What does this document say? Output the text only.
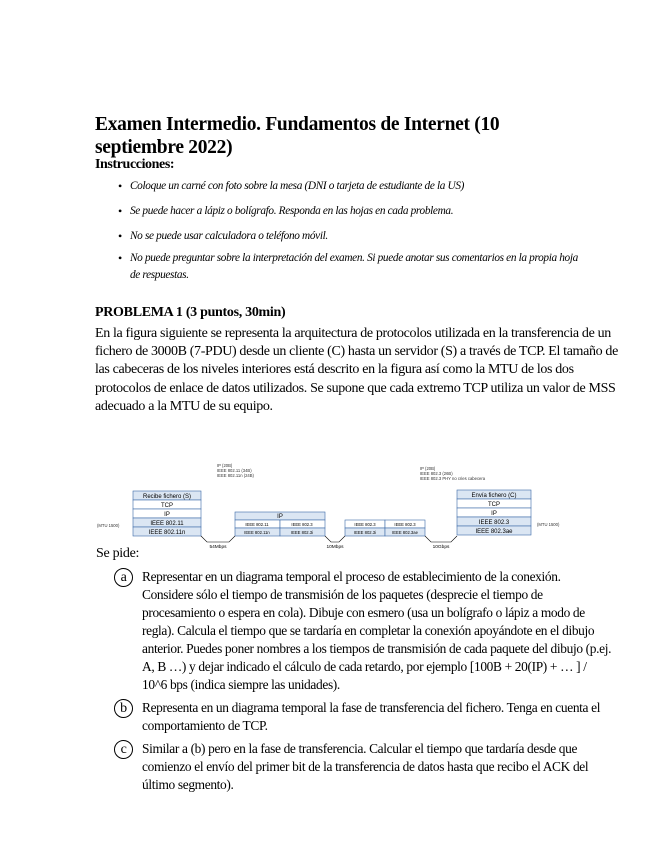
Examen Intermedio. Fundamentos de Internet (10 septiembre 2022)
Instrucciones:
• Coloque un carné con foto sobre la mesa (DNI o tarjeta de estudiante de la US)
• Se puede hacer a lápiz o bolígrafo. Responda en las hojas en cada problema.
• No se puede usar calculadora o teléfono móvil.
• No puede preguntar sobre la interpretación del examen. Si puede anotar sus comentarios en la propia hoja de respuestas.
PROBLEMA 1 (3 puntos, 30min)
En la figura siguiente se representa la arquitectura de protocolos utilizada en la transferencia de un fichero de 3000B (7-PDU) desde un cliente (C) hasta un servidor (S) a través de TCP. El tamaño de las cabeceras de los niveles interiores está descrito en la figura así como la MTU de los dos protocolos de enlace de datos utilizados. Se supone que cada extremo TCP utiliza un valor de MSS adecuado a la MTU de su equipo.
IP (20B)
IEEE 802.11 (34B)
IEEE 802.11n (24B)
IP (20B)
IEEE 802.3 (26B)
IEEE 802.3 PHY no cries cabecera
Recibe fichero (S)
TCP
IP
IEEE 802.11
IEEE 802.11n
(MTU 1500)
IP
IEEE 802.11	IEEE 802.3
IEEE 802.11n	IEEE 802.3i
IEEE 802.3	IEEE 802.3
IEEE 802.3i	IEEE 802.3ae
Envía fichero (C)
TCP
IP
IEEE 802.3
IEEE 802.3ae
(MTU 1500)
54Mbps	10Mbps	10Gbps
Se pide:
a	Representar en un diagrama temporal el proceso de establecimiento de la conexión. Considere sólo el tiempo de transmisión de los paquetes (desprecie el tiempo de procesamiento o espera en cola). Dibuje con esmero (usa un bolígrafo o lápiz a modo de regla). Calcula el tiempo que se tardaría en completar la conexión apoyándote en el dibujo anterior. Puedes poner nombres a los tiempos de transmisión de cada paquete del dibujo (p.ej. A, B …) y dejar indicado el cálculo de cada retardo, por ejemplo [100B + 20(IP) + … ] / 10^6 bps (indica siempre las unidades).
b	Representa en un diagrama temporal la fase de transferencia del fichero. Tenga en cuenta el comportamiento de TCP.
c	Similar a (b) pero en la fase de transferencia. Calcular el tiempo que tardaría desde que comienzo el envío del primer bit de la transferencia de datos hasta que recibo el ACK del último segmento).
